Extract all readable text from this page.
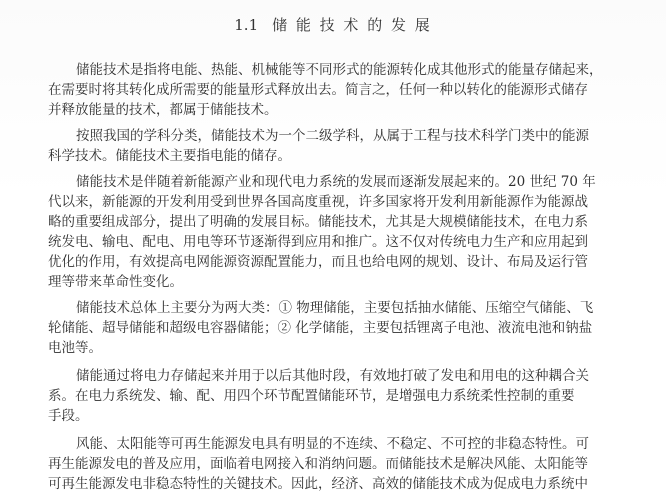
1.1 储 能 技 术 的 发 展
储能技术是指将电能、热能、机械能等不同形式的能源转化成其他形式的能量存储起来，
在需要时将其转化成所需要的能量形式释放出去。简言之，任何一种以转化的能源形式储存
并释放能量的技术，都属于储能技术。
按照我国的学科分类，储能技术为一个二级学科，从属于工程与技术科学门类中的能源
科学技术。储能技术主要指电能的储存。
储能技术是伴随着新能源产业和现代电力系统的发展而逐渐发展起来的。20 世纪 70 年
代以来，新能源的开发利用受到世界各国高度重视，许多国家将开发利用新能源作为能源战
略的重要组成部分，提出了明确的发展目标。储能技术，尤其是大规模储能技术，在电力系
统发电、输电、配电、用电等环节逐渐得到应用和推广。这不仅对传统电力生产和应用起到
优化的作用，有效提高电网能源资源配置能力，而且也给电网的规划、设计、布局及运行管
理等带来革命性变化。
储能技术总体上主要分为两大类：① 物理储能，主要包括抽水储能、压缩空气储能、飞
轮储能、超导储能和超级电容器储能；② 化学储能，主要包括锂离子电池、液流电池和钠盐
电池等。
储能通过将电力存储起来并用于以后其他时段，有效地打破了发电和用电的这种耦合关
系。在电力系统发、输、配、用四个环节配置储能环节，是增强电力系统柔性控制的重要
手段。
风能、太阳能等可再生能源发电具有明显的不连续、不稳定、不可控的非稳态特性。可
再生能源发电的普及应用，面临着电网接入和消纳问题。而储能技术是解决风能、太阳能等
可再生能源发电非稳态特性的关键技术。因此，经济、高效的储能技术成为促成电力系统中
